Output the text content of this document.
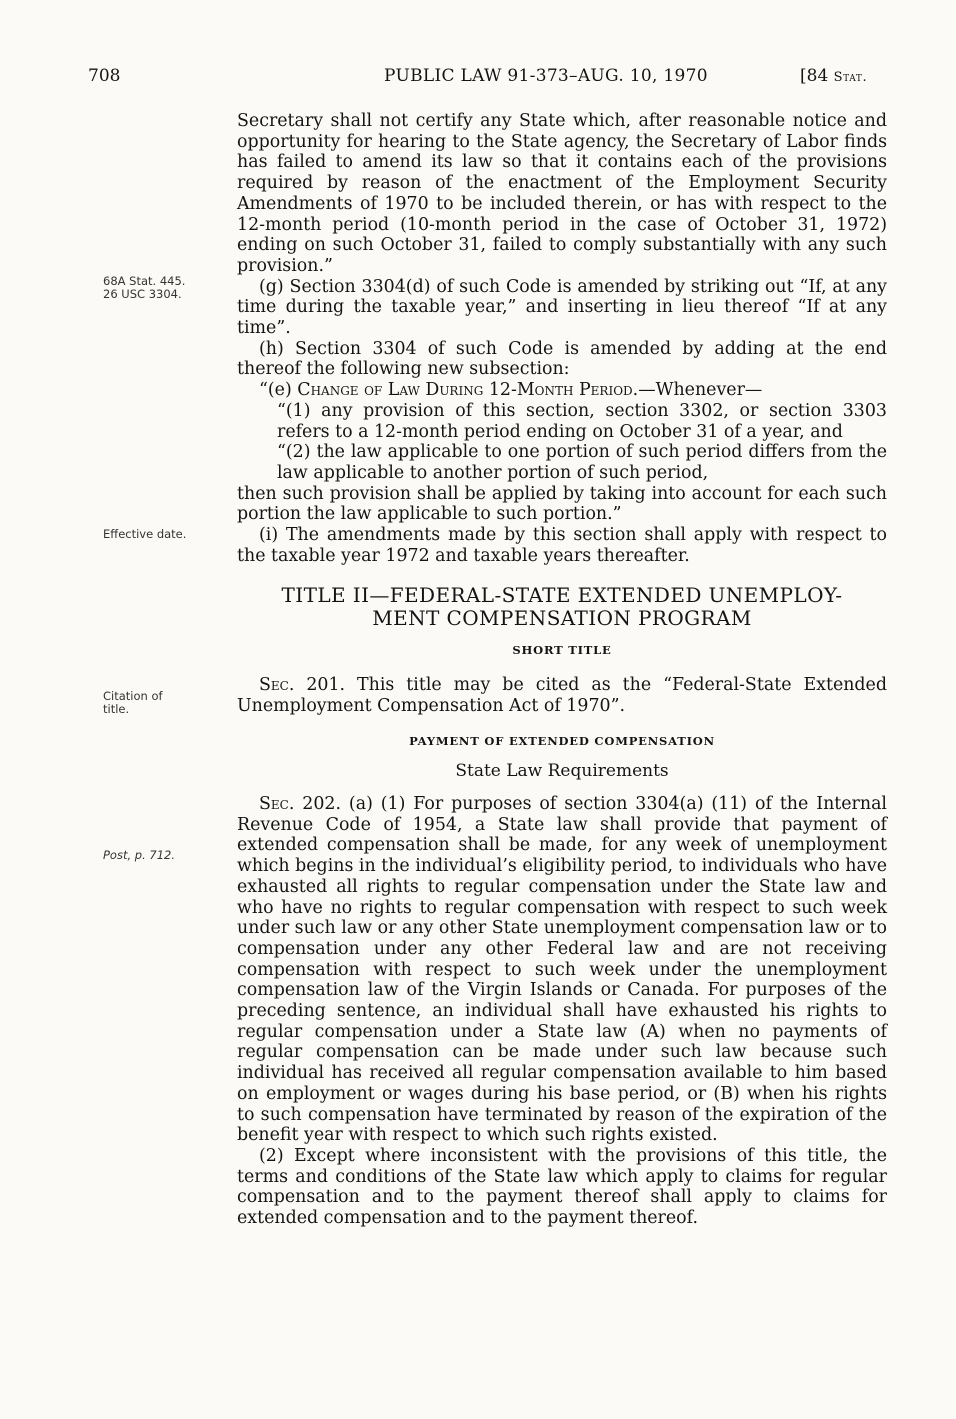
708	PUBLIC LAW 91-373–AUG. 10, 1970	[84 Stat.
68A Stat. 445.
26 USC 3304.
Effective date.
Citation of
title.
Post, p. 712.

Secretary shall not certify any State which, after reasonable notice and opportunity for hearing to the State agency, the Secretary of Labor finds has failed to amend its law so that it contains each of the provisions required by reason of the enactment of the Employment Security Amendments of 1970 to be included therein, or has with respect to the 12-month period (10-month period in the case of October 31, 1972) ending on such October 31, failed to comply substantially with any such provision.”

(g) Section 3304(d) of such Code is amended by striking out “If, at any time during the taxable year,” and inserting in lieu thereof “If at any time”.

(h) Section 3304 of such Code is amended by adding at the end thereof the following new subsection:

“(e) Change of Law During 12-Month Period.—Whenever—

“(1) any provision of this section, section 3302, or section 3303 refers to a 12-month period ending on October 31 of a year, and

“(2) the law applicable to one portion of such period differs from the law applicable to another portion of such period,

then such provision shall be applied by taking into account for each such portion the law applicable to such portion.”

(i) The amendments made by this section shall apply with respect to the taxable year 1972 and taxable years thereafter.

TITLE II—FEDERAL-STATE EXTENDED UNEMPLOY-
MENT COMPENSATION PROGRAM
SHORT TITLE

Sec. 201. This title may be cited as the “Federal-State Extended Unemployment Compensation Act of 1970”.

PAYMENT OF EXTENDED COMPENSATION
State Law Requirements

Sec. 202. (a) (1) For purposes of section 3304(a) (11) of the Internal Revenue Code of 1954, a State law shall provide that payment of extended compensation shall be made, for any week of unemployment which begins in the individual’s eligibility period, to individuals who have exhausted all rights to regular compensation under the State law and who have no rights to regular compensation with respect to such week under such law or any other State unemployment compensation law or to compensation under any other Federal law and are not receiving compensation with respect to such week under the unemployment compensation law of the Virgin Islands or Canada. For purposes of the preceding sentence, an individual shall have exhausted his rights to regular compensation under a State law (A) when no payments of regular compensation can be made under such law because such individual has received all regular compensation available to him based on employment or wages during his base period, or (B) when his rights to such compensation have terminated by reason of the expiration of the benefit year with respect to which such rights existed.

(2) Except where inconsistent with the provisions of this title, the terms and conditions of the State law which apply to claims for regular compensation and to the payment thereof shall apply to claims for extended compensation and to the payment thereof.
